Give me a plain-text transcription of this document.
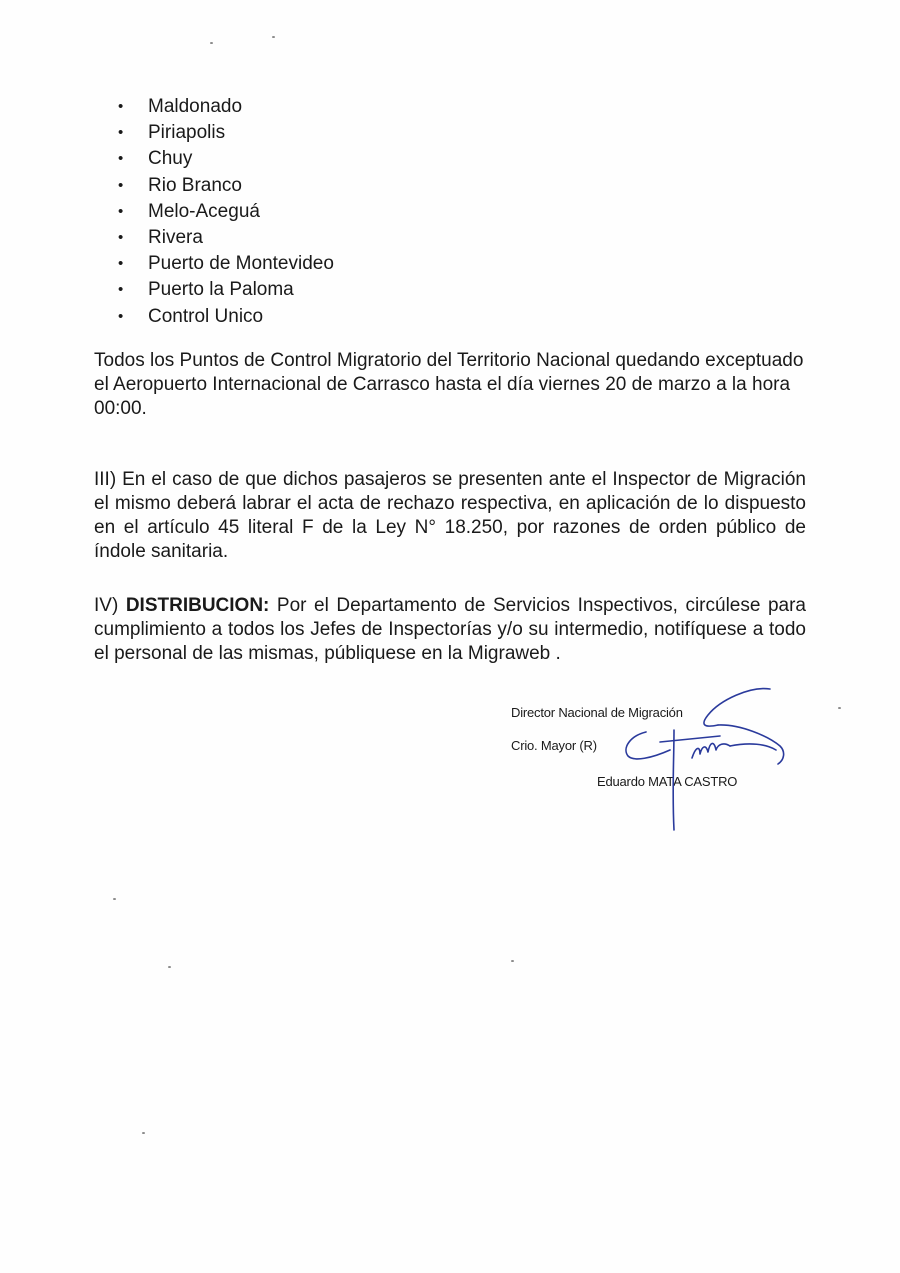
• Maldonado
• Piriapolis
• Chuy
• Rio Branco
• Melo-Aceguá
• Rivera
• Puerto de Montevideo
• Puerto la Paloma
• Control Unico

Todos los Puntos de Control Migratorio del Territorio Nacional quedando exceptuado el Aeropuerto Internacional de Carrasco hasta el día viernes 20 de marzo a la hora 00:00.

III) En el caso de que dichos pasajeros se presenten ante el Inspector de Migración el mismo deberá labrar el acta de rechazo respectiva, en aplicación de lo dispuesto en el artículo 45 literal F de la Ley N° 18.250, por razones de orden público de índole sanitaria.

IV) DISTRIBUCION: Por el Departamento de Servicios Inspectivos, circúlese para cumplimiento a todos los Jefes de Inspectorías y/o su intermedio, notifíquese a todo el personal de las mismas, públiquese en la Migraweb .

Director Nacional de Migración
Crio. Mayor (R)
Eduardo MATA CASTRO
